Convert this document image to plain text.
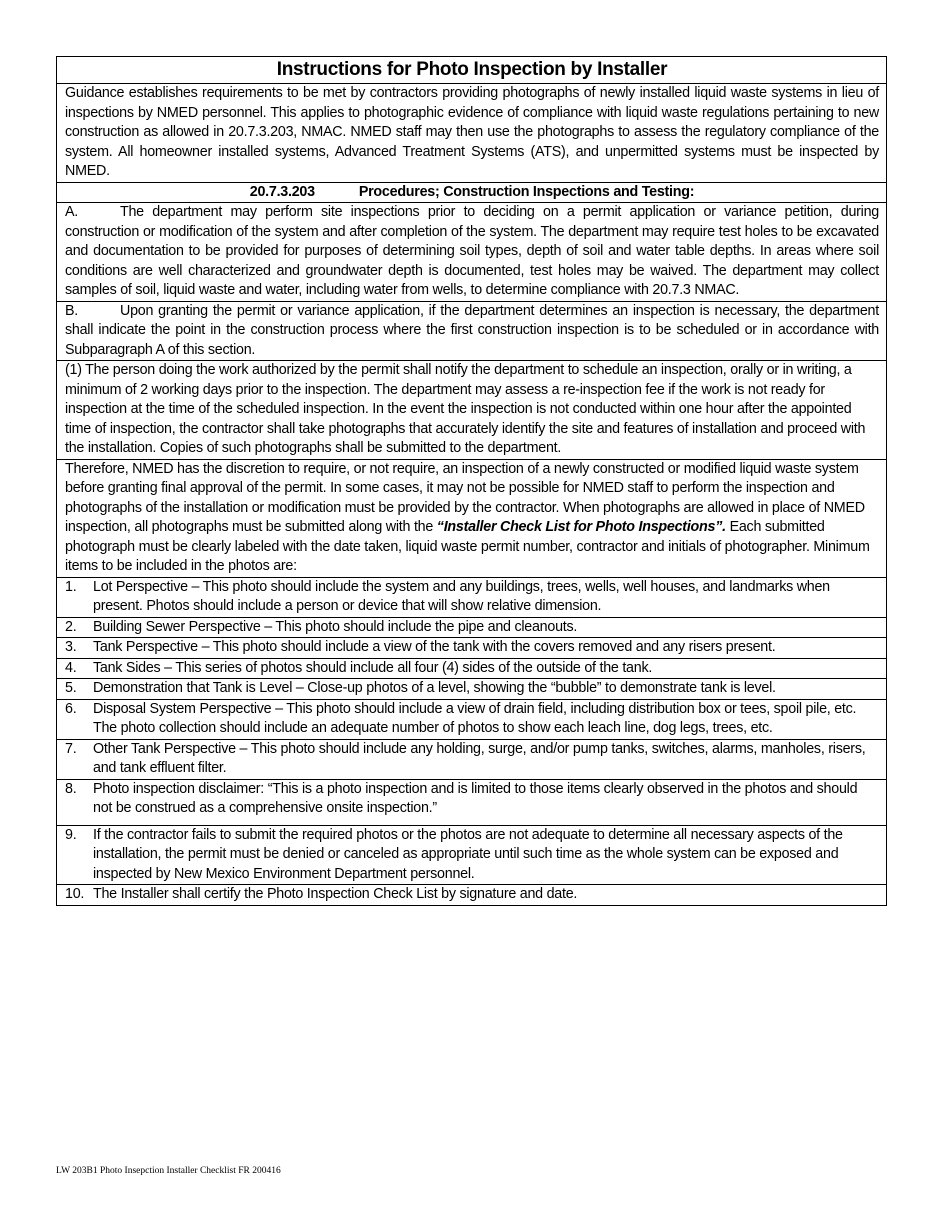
Instructions for Photo Inspection by Installer
Guidance establishes requirements to be met by contractors providing photographs of newly installed liquid waste systems in lieu of inspections by NMED personnel. This applies to photographic evidence of compliance with liquid waste regulations pertaining to new construction as allowed in 20.7.3.203, NMAC. NMED staff may then use the photographs to assess the regulatory compliance of the system. All homeowner installed systems, Advanced Treatment Systems (ATS), and unpermitted systems must be inspected by NMED.
20.7.3.203	Procedures; Construction Inspections and Testing:
A.	The department may perform site inspections prior to deciding on a permit application or variance petition, during construction or modification of the system and after completion of the system. The department may require test holes to be excavated and documentation to be provided for purposes of determining soil types, depth of soil and water table depths. In areas where soil conditions are well characterized and groundwater depth is documented, test holes may be waived. The department may collect samples of soil, liquid waste and water, including water from wells, to determine compliance with 20.7.3 NMAC.
B.	Upon granting the permit or variance application, if the department determines an inspection is necessary, the department shall indicate the point in the construction process where the first construction inspection is to be scheduled or in accordance with Subparagraph A of this section.
(1) The person doing the work authorized by the permit shall notify the department to schedule an inspection, orally or in writing, a minimum of 2 working days prior to the inspection. The department may assess a re-inspection fee if the work is not ready for inspection at the time of the scheduled inspection. In the event the inspection is not conducted within one hour after the appointed time of inspection, the contractor shall take photographs that accurately identify the site and features of installation and proceed with the installation. Copies of such photographs shall be submitted to the department.
Therefore, NMED has the discretion to require, or not require, an inspection of a newly constructed or modified liquid waste system before granting final approval of the permit. In some cases, it may not be possible for NMED staff to perform the inspection and photographs of the installation or modification must be provided by the contractor. When photographs are allowed in place of NMED inspection, all photographs must be submitted along with the “Installer Check List for Photo Inspections”. Each submitted photograph must be clearly labeled with the date taken, liquid waste permit number, contractor and initials of photographer. Minimum items to be included in the photos are:
1.	Lot Perspective – This photo should include the system and any buildings, trees, wells, well houses, and landmarks when present. Photos should include a person or device that will show relative dimension.
2.	Building Sewer Perspective – This photo should include the pipe and cleanouts.
3.	Tank Perspective – This photo should include a view of the tank with the covers removed and any risers present.
4.	Tank Sides – This series of photos should include all four (4) sides of the outside of the tank.
5.	Demonstration that Tank is Level – Close-up photos of a level, showing the “bubble” to demonstrate tank is level.
6.	Disposal System Perspective – This photo should include a view of drain field, including distribution box or tees, spoil pile, etc. The photo collection should include an adequate number of photos to show each leach line, dog legs, trees, etc.
7.	Other Tank Perspective – This photo should include any holding, surge, and/or pump tanks, switches, alarms, manholes, risers, and tank effluent filter.
8.	Photo inspection disclaimer: “This is a photo inspection and is limited to those items clearly observed in the photos and should not be construed as a comprehensive onsite inspection.”
9.	If the contractor fails to submit the required photos or the photos are not adequate to determine all necessary aspects of the installation, the permit must be denied or canceled as appropriate until such time as the whole system can be exposed and inspected by New Mexico Environment Department personnel.
10. The Installer shall certify the Photo Inspection Check List by signature and date.
LW 203B1 Photo Insepction Installer Checklist FR 200416
